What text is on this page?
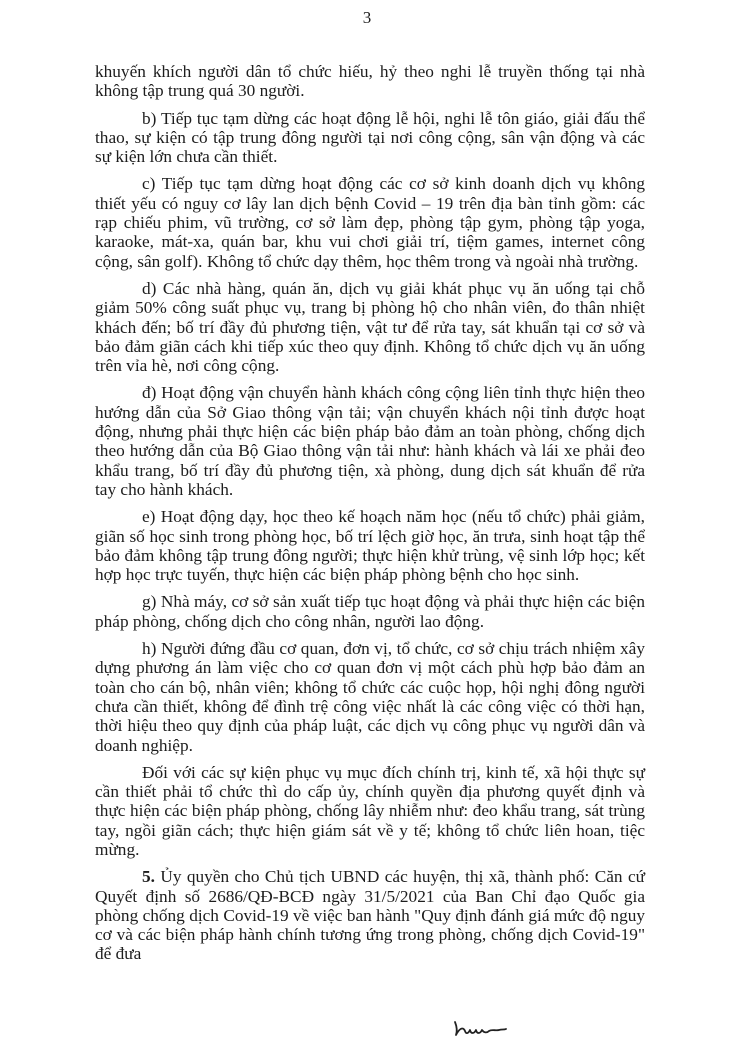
3

khuyến khích người dân tổ chức hiếu, hỷ theo nghi lễ truyền thống tại nhà không tập trung quá 30 người.

b) Tiếp tục tạm dừng các hoạt động lễ hội, nghi lễ tôn giáo, giải đấu thể thao, sự kiện có tập trung đông người tại nơi công cộng, sân vận động và các sự kiện lớn chưa cần thiết.

c) Tiếp tục tạm dừng hoạt động các cơ sở kinh doanh dịch vụ không thiết yếu có nguy cơ lây lan dịch bệnh Covid – 19 trên địa bàn tỉnh gồm: các rạp chiếu phim, vũ trường, cơ sở làm đẹp, phòng tập gym, phòng tập yoga, karaoke, mát-xa, quán bar, khu vui chơi giải trí, tiệm games, internet công cộng, sân golf). Không tổ chức dạy thêm, học thêm trong và ngoài nhà trường.

d) Các nhà hàng, quán ăn, dịch vụ giải khát phục vụ ăn uống tại chỗ giảm 50% công suất phục vụ, trang bị phòng hộ cho nhân viên, đo thân nhiệt khách đến; bố trí đầy đủ phương tiện, vật tư để rửa tay, sát khuẩn tại cơ sở và bảo đảm giãn cách khi tiếp xúc theo quy định. Không tổ chức dịch vụ ăn uống trên vỉa hè, nơi công cộng.

đ) Hoạt động vận chuyển hành khách công cộng liên tỉnh thực hiện theo hướng dẫn của Sở Giao thông vận tải; vận chuyển khách nội tỉnh được hoạt động, nhưng phải thực hiện các biện pháp bảo đảm an toàn phòng, chống dịch theo hướng dẫn của Bộ Giao thông vận tải như: hành khách và lái xe phải đeo khẩu trang, bố trí đầy đủ phương tiện, xà phòng, dung dịch sát khuẩn để rửa tay cho hành khách.

e) Hoạt động dạy, học theo kế hoạch năm học (nếu tổ chức) phải giảm, giãn số học sinh trong phòng học, bố trí lệch giờ học, ăn trưa, sinh hoạt tập thể bảo đảm không tập trung đông người; thực hiện khử trùng, vệ sinh lớp học; kết hợp học trực tuyến, thực hiện các biện pháp phòng bệnh cho học sinh.

g) Nhà máy, cơ sở sản xuất tiếp tục hoạt động và phải thực hiện các biện pháp phòng, chống dịch cho công nhân, người lao động.

h) Người đứng đầu cơ quan, đơn vị, tổ chức, cơ sở chịu trách nhiệm xây dựng phương án làm việc cho cơ quan đơn vị một cách phù hợp bảo đảm an toàn cho cán bộ, nhân viên; không tổ chức các cuộc họp, hội nghị đông người chưa cần thiết, không để đình trệ công việc nhất là các công việc có thời hạn, thời hiệu theo quy định của pháp luật, các dịch vụ công phục vụ người dân và doanh nghiệp.

Đối với các sự kiện phục vụ mục đích chính trị, kinh tế, xã hội thực sự cần thiết phải tổ chức thì do cấp ủy, chính quyền địa phương quyết định và thực hiện các biện pháp phòng, chống lây nhiễm như: đeo khẩu trang, sát trùng tay, ngồi giãn cách; thực hiện giám sát về y tế; không tổ chức liên hoan, tiệc mừng.

5. Ủy quyền cho Chủ tịch UBND các huyện, thị xã, thành phố: Căn cứ Quyết định số 2686/QĐ-BCĐ ngày 31/5/2021 của Ban Chỉ đạo Quốc gia phòng chống dịch Covid-19 về việc ban hành "Quy định đánh giá mức độ nguy cơ và các biện pháp hành chính tương ứng trong phòng, chống dịch Covid-19" để đưa
